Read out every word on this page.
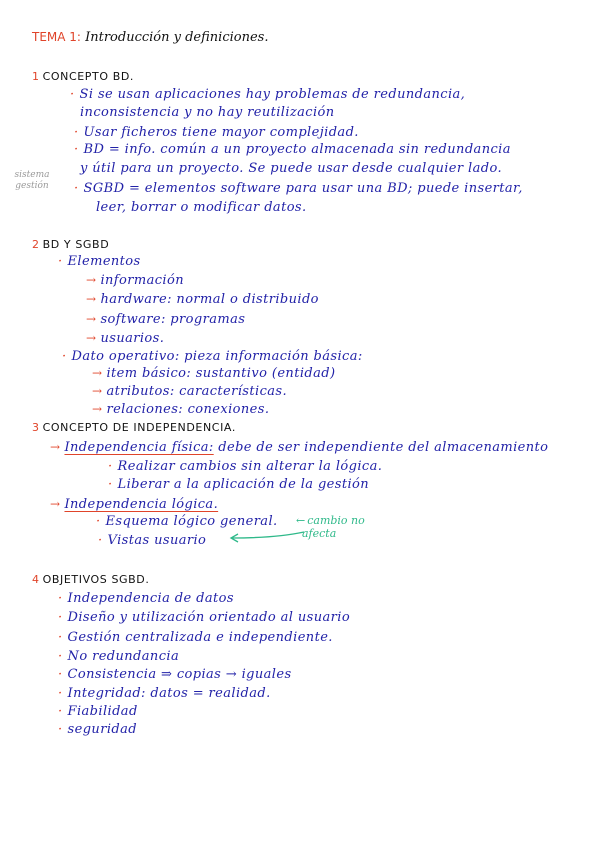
TEMA 1: Introducción y definiciones.
sistema
gestión
1 CONCEPTO BD.
· Si se usan aplicaciones hay problemas de redundancia,
inconsistencia y no hay reutilización
· Usar ficheros tiene mayor complejidad.
· BD = info. común a un proyecto almacenada sin redundancia
y útil para un proyecto. Se puede usar desde cualquier lado.
· SGBD = elementos software para usar una BD; puede insertar,
leer, borrar o modificar datos.
2 BD Y SGBD
· Elementos
→ información
→ hardware: normal o distribuido
→ software: programas
→ usuarios.
· Dato operativo: pieza información básica:
→ item básico: sustantivo (entidad)
→ atributos: características.
→ relaciones: conexiones.
3 CONCEPTO DE INDEPENDENCIA.
→ Independencia física: debe de ser independiente del almacenamiento
· Realizar cambios sin alterar la lógica.
· Liberar a la aplicación de la gestión
→ Independencia lógica.
· Esquema lógico general.
· Vistas usuario
← cambio no
afecta
4 OBJETIVOS SGBD.
· Independencia de datos
· Diseño y utilización orientado al usuario
· Gestión centralizada e independiente.
· No redundancia
· Consistencia ⇒ copias → iguales
· Integridad: datos = realidad.
· Fiabilidad
· seguridad
